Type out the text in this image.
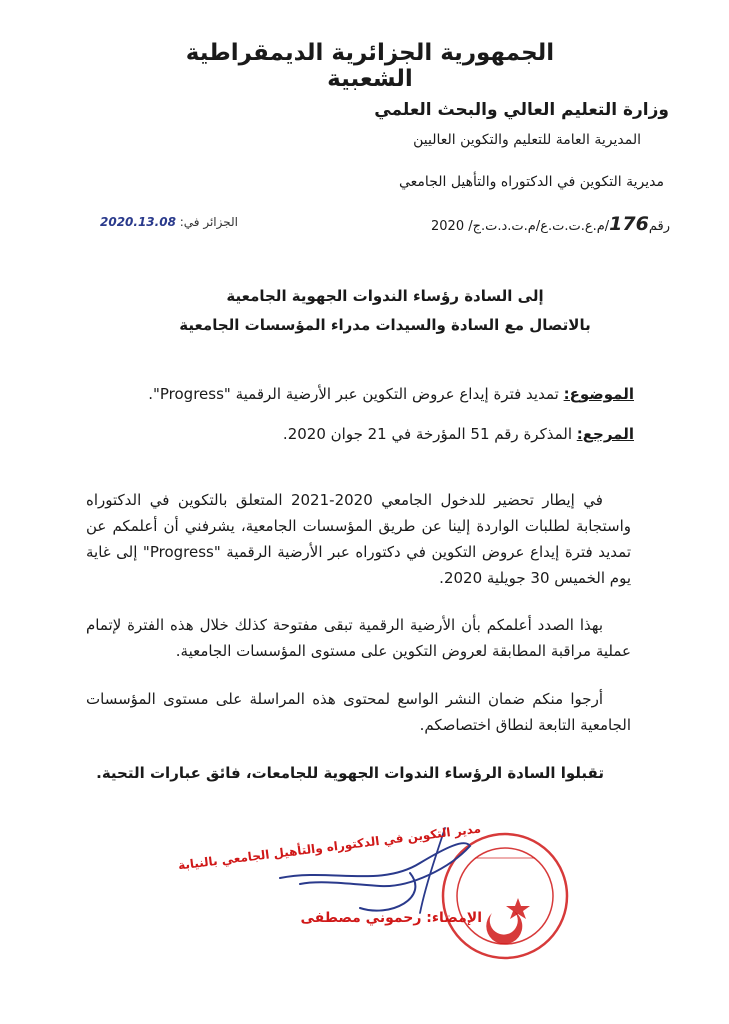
الجمهورية الجزائرية الديمقراطية الشعبية
وزارة التعليم العالي والبحث العلمي
المديرية العامة للتعليم والتكوين العاليين
مديرية التكوين في الدكتوراه والتأهيل الجامعي
رقم176/م.ع.ت.ت.ع/م.ت.د.ت.ج/ 2020
الجزائر في: 2020.13.08
إلى السادة رؤساء الندوات الجهوية الجامعية
بالاتصال مع السادة والسيدات مدراء المؤسسات الجامعية
الموضوع: تمديد فترة إيداع عروض التكوين عبر الأرضية الرقمية "Progress".
المرجع: المذكرة رقم 51 المؤرخة في 21 جوان 2020.
في إيطار تحضير للدخول الجامعي 2020-2021 المتعلق بالتكوين في الدكتوراه واستجابة لطلبات الواردة إلينا عن طريق المؤسسات الجامعية، يشرفني أن أعلمكم عن تمديد فترة إيداع عروض التكوين في دكتوراه عبر الأرضية الرقمية "Progress" إلى غاية يوم الخميس 30 جويلية 2020.
بهذا الصدد أعلمكم بأن الأرضية الرقمية تبقى مفتوحة كذلك خلال هذه الفترة لإتمام عملية مراقبة المطابقة لعروض التكوين على مستوى المؤسسات الجامعية.
أرجوا منكم ضمان النشر الواسع لمحتوى هذه المراسلة على مستوى المؤسسات الجامعية التابعة لنطاق اختصاصكم.
تقبلوا السادة الرؤساء الندوات الجهوية للجامعات، فائق عبارات التحية.
مدير التكوين في الدكتوراه والتأهيل الجامعي بالنيابة
الإمضاء: رحموني مصطفى
